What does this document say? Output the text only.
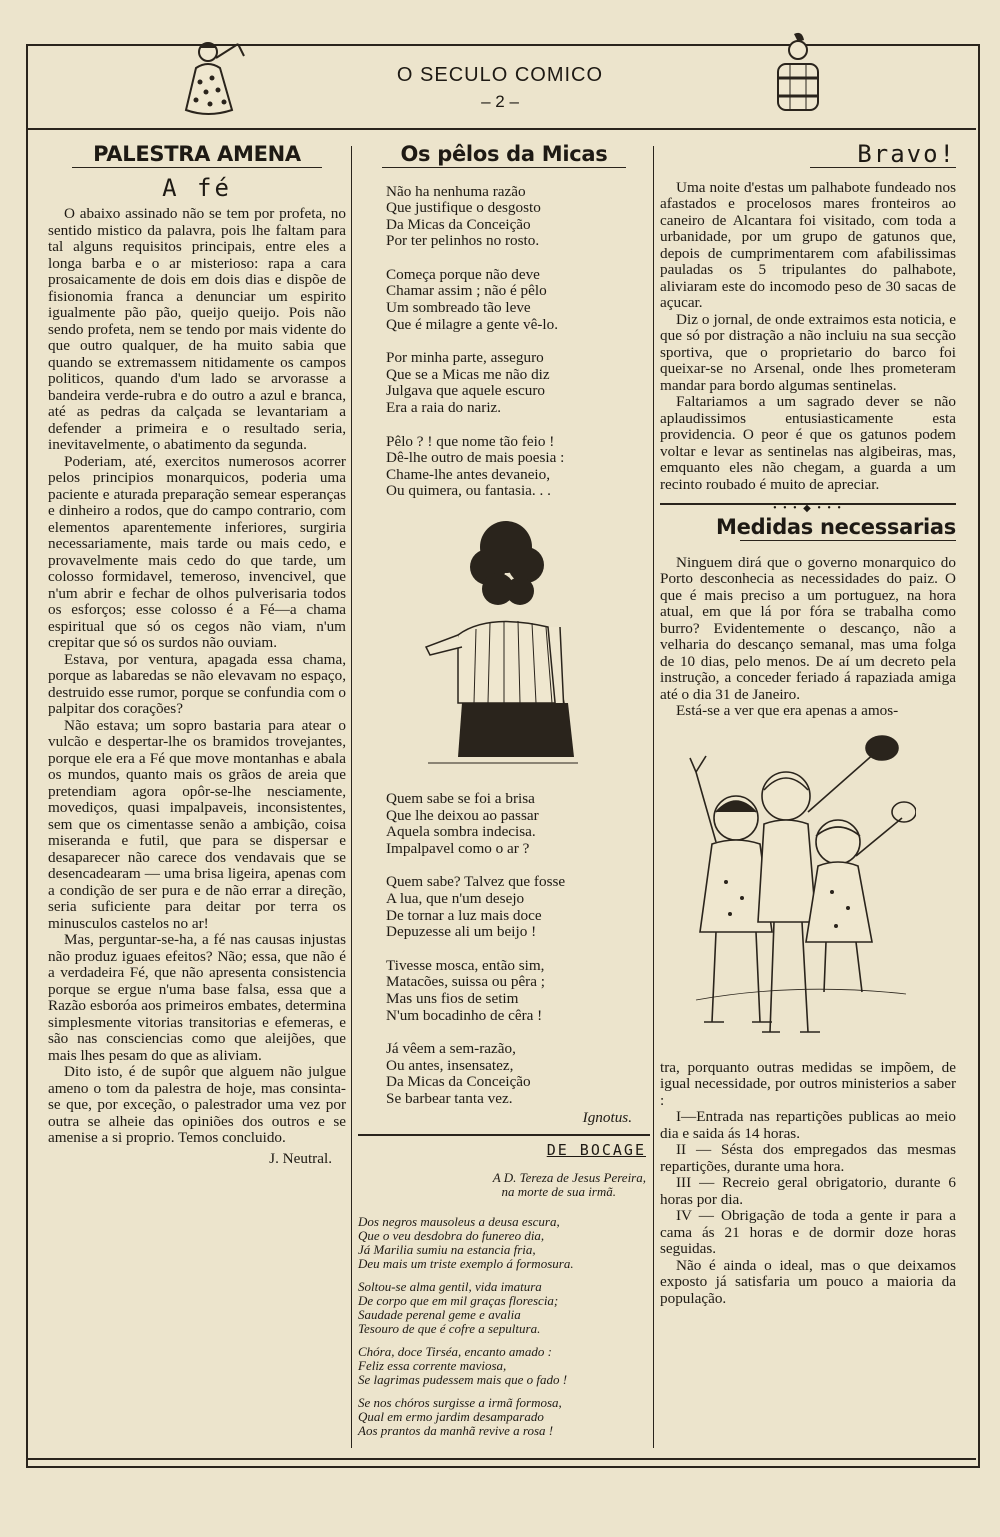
O SECULO COMICO
– 2 –
PALESTRA AMENA
A fé

O abaixo assinado não se tem por profeta, no sentido mistico da palavra, pois lhe faltam para tal alguns requisitos principais, entre eles a longa barba e o ar misterioso: rapa a cara prosaicamente de dois em dois dias e dispõe de fisionomia franca a denunciar um espirito igualmente pão pão, queijo queijo. Pois não sendo profeta, nem se tendo por mais vidente do que outro qualquer, de ha muito sabia que quando se extremassem nitidamente os campos politicos, quando d'um lado se arvorasse a bandeira verde-rubra e do outro a azul e branca, até as pedras da calçada se levantariam a defender a primeira e o resultado seria, inevitavelmente, o abatimento da segunda.

Poderiam, até, exercitos numerosos acorrer pelos principios monarquicos, poderia uma paciente e aturada preparação semear esperanças e dinheiro a rodos, que do campo contrario, com elementos aparentemente inferiores, surgiria necessariamente, mais tarde ou mais cedo, e provavelmente mais cedo do que tarde, um colosso formidavel, temeroso, invencivel, que n'um abrir e fechar de olhos pulverisaria todos os esforços; esse colosso é a Fé—a chama espiritual que só os cegos não viam, n'um crepitar que só os surdos não ouviam.

Estava, por ventura, apagada essa chama, porque as labaredas se não elevavam no espaço, destruido esse rumor, porque se confundia com o palpitar dos corações?

Não estava; um sopro bastaria para atear o vulcão e despertar-lhe os bramidos trovejantes, porque ele era a Fé que move montanhas e abala os mundos, quanto mais os grãos de areia que pretendiam agora opôr-se-lhe nesciamente, movediços, quasi impalpaveis, inconsistentes, sem que os cimentasse senão a ambição, coisa miseranda e futil, que para se dispersar e desaparecer não carece dos vendavais que se desencadearam — uma brisa ligeira, apenas com a condição de ser pura e de não errar a direção, seria suficiente para deitar por terra os minusculos castelos no ar!

Mas, perguntar-se-ha, a fé nas causas injustas não produz iguaes efeitos? Não; essa, que não é a verdadeira Fé, que não apresenta consistencia porque se ergue n'uma base falsa, essa que a Razão esboróa aos primeiros embates, determina simplesmente vitorias transitorias e efemeras, e são nas consciencias como que aleijões, que mais lhes pesam do que as aliviam.

Dito isto, é de supôr que alguem não julgue ameno o tom da palestra de hoje, mas consinta-se que, por exceção, o palestrador uma vez por outra se alheie das opiniões dos outros e se amenise a si proprio. Temos concluido.

J. Neutral.
Os pêlos da Micas
Não ha nenhuma razão
Que justifique o desgosto
Da Micas da Conceição
Por ter pelinhos no rosto.
Começa porque não deve
Chamar assim ; não é pêlo
Um sombreado tão leve
Que é milagre a gente vê-lo.
Por minha parte, asseguro
Que se a Micas me não diz
Julgava que aquele escuro
Era a raia do nariz.
Pêlo ? ! que nome tão feio !
Dê-lhe outro de mais poesia :
Chame-lhe antes devaneio,
Ou quimera, ou fantasia. . .
Quem sabe se foi a brisa
Que lhe deixou ao passar
Aquela sombra indecisa.
Impalpavel como o ar ?
Quem sabe? Talvez que fosse
A lua, que n'um desejo
De tornar a luz mais doce
Depuzesse ali um beijo !
Tivesse mosca, então sim,
Matacões, suissa ou pêra ;
Mas uns fios de setim
N'um bocadinho de cêra !
Já vêem a sem-razão,
Ou antes, insensatez,
Da Micas da Conceição
Se barbear tanta vez.
Ignotus.
DE BOCAGE
A D. Tereza de Jesus Pereira,
na morte de sua irmã.
Dos negros mausoleus a deusa escura,
Que o veu desdobra do funereo dia,
Já Marilia sumiu na estancia fria,
Deu mais um triste exemplo á formosura.
Soltou-se alma gentil, vida imatura
De corpo que em mil graças florescia;
Saudade perenal geme e avalia
Tesouro de que é cofre a sepultura.
Chóra, doce Tirséa, encanto amado :
Feliz essa corrente maviosa,
Se lagrimas pudessem mais que o fado !
Se nos chóros surgisse a irmã formosa,
Qual em ermo jardim desamparado
Aos prantos da manhã revive a rosa !
Bravo!

Uma noite d'estas um palhabote fundeado nos afastados e procelosos mares fronteiros ao caneiro de Alcantara foi visitado, com toda a urbanidade, por um grupo de gatunos que, depois de cumprimentarem com afabilissimas pauladas os 5 tripulantes do palhabote, aliviaram este do incomodo peso de 30 sacas de açucar.

Diz o jornal, de onde extraimos esta noticia, e que só por distração a não incluiu na sua secção sportiva, que o proprietario do barco foi queixar-se no Arsenal, onde lhes prometeram mandar para bordo algumas sentinelas.

Faltariamos a um sagrado dever se não aplaudissimos entusiasticamente esta providencia. O peor é que os gatunos podem voltar e levar as sentinelas nas algibeiras, mas, emquanto eles não chegam, a guarda a um recinto roubado é muito de apreciar.

• • • ◆ • • •
Medidas necessarias

Ninguem dirá que o governo monarquico do Porto desconhecia as necessidades do paiz. O que é mais preciso a um portuguez, na hora atual, em que lá por fóra se trabalha como burro? Evidentemente o descanço, não a velharia do descanço semanal, mas uma folga de 10 dias, pelo menos. De aí um decreto pela instrução, a conceder feriado á rapaziada amiga até o dia 31 de Janeiro.

Está-se a ver que era apenas a amos-

tra, porquanto outras medidas se impõem, de igual necessidade, por outros ministerios a saber :

I—Entrada nas repartições publicas ao meio dia e saida ás 14 horas.

II — Sésta dos empregados das mesmas repartições, durante uma hora.

III — Recreio geral obrigatorio, durante 6 horas por dia.

IV — Obrigação de toda a gente ir para a cama ás 21 horas e de dormir doze horas seguidas.

Não é ainda o ideal, mas o que deixamos exposto já satisfaria um pouco a maioria da população.
